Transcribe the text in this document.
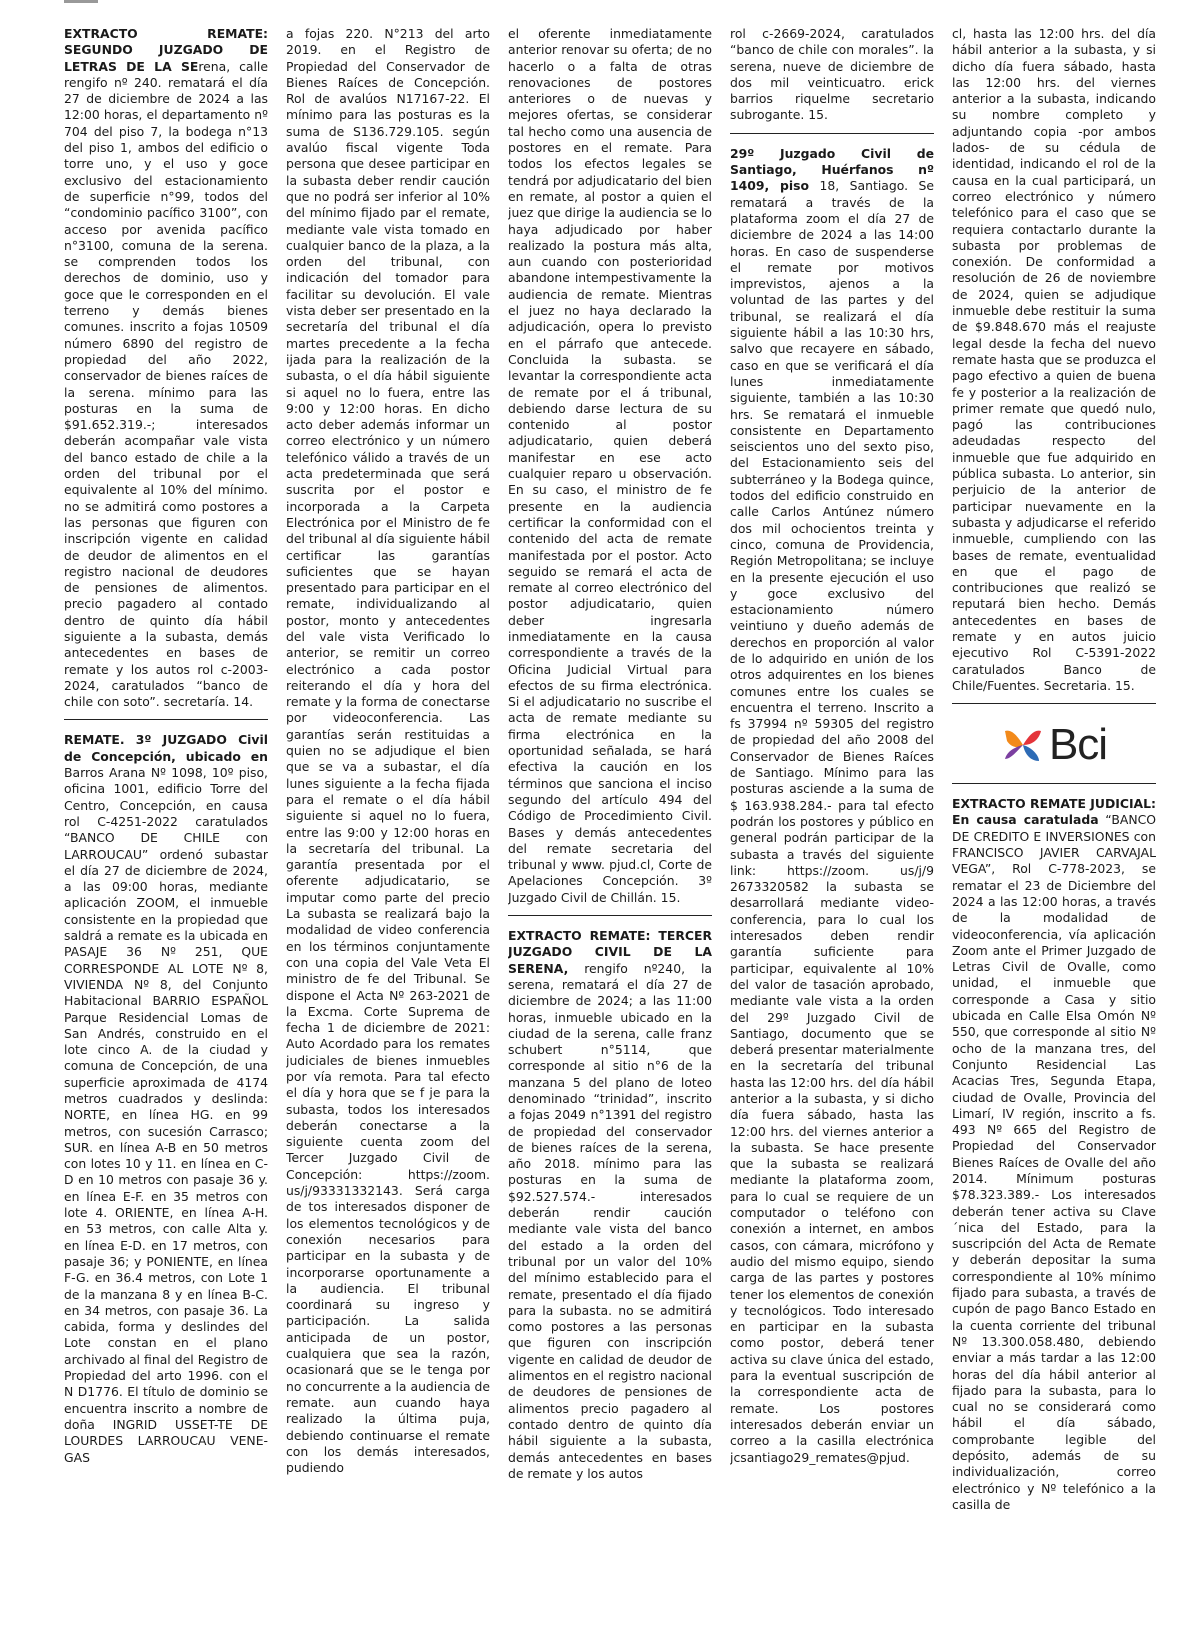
EXTRACTO REMATE: SEGUNDO JUZGADO DE LETRAS DE LA SErena, calle rengifo nº 240. rematará el día 27 de diciembre de 2024 a las 12:00 horas, el departamento nº 704 del piso 7, la bodega n°13 del piso 1, ambos del edificio o torre uno, y el uso y goce exclusivo del estacionamiento de superficie n°99, todos del “condominio pacífico 3100”, con acceso por avenida pacífico n°3100, comuna de la serena. se comprenden todos los derechos de dominio, uso y goce que le corresponden en el terreno y demás bienes comunes. inscrito a fojas 10509 número 6890 del registro de propiedad del año 2022, conservador de bienes raíces de la serena. mínimo para las posturas en la suma de $91.652.319.-; interesados deberán acompañar vale vista del banco estado de chile a la orden del tribunal por el equivalente al 10% del mínimo. no se admitirá como postores a las personas que figuren con inscripción vigente en calidad de deudor de alimentos en el registro nacional de deudores de pensiones de alimentos. precio pagadero al contado dentro de quinto día hábil siguiente a la subasta, demás antecedentes en bases de remate y los autos rol c-2003-2024, caratulados “banco de chile con soto”. secretaría. 14.

REMATE. 3º JUZGADO Civil de Concepción, ubicado en Barros Arana Nº 1098, 10º piso, oficina 1001, edificio Torre del Centro, Concepción, en causa rol C-4251-2022 caratulados “BANCO DE CHILE con LARROUCAU” ordenó subastar el día 27 de diciembre de 2024, a las 09:00 horas, mediante aplicación ZOOM, el inmueble consistente en la propiedad que saldrá a remate es la ubicada en PASAJE 36 Nº 251, QUE CORRESPONDE AL LOTE Nº 8, VIVIENDA Nº 8, del Conjunto Habitacional BARRIO ESPAÑOL Parque Residencial Lomas de San Andrés, construido en el lote cinco A. de la ciudad y comuna de Concepción, de una superficie aproximada de 4174 metros cuadrados y deslinda: NORTE, en línea HG. en 99 metros, con sucesión Carrasco; SUR. en línea A-B en 50 metros con lotes 10 y 11. en línea en C-D en 10 metros con pasaje 36 y. en línea E-F. en 35 metros con lote 4. ORIENTE, en línea A-H. en 53 metros, con calle Alta y. en línea E-D. en 17 metros, con pasaje 36; y PONIENTE, en línea F-G. en 36.4 metros, con Lote 1 de la manzana 8 y en línea B-C. en 34 metros, con pasaje 36. La cabida, forma y deslindes del Lote constan en el plano archivado al final del Registro de Propiedad del arto 1996. con el N D1776. El título de dominio se encuentra inscrito a nombre de doña INGRID USSET-TE DE LOURDES LARROUCAU VENE-GAS

a fojas 220. N°213 del arto 2019. en el Registro de Propiedad del Conservador de Bienes Raíces de Concepción. Rol de avalúos N17167-22. El mínimo para las posturas es la suma de S136.729.105. según avalúo fiscal vigente Toda persona que desee participar en la subasta deber rendir caución que no podrá ser inferior al 10% del mínimo fijado par el remate, mediante vale vista tomado en cualquier banco de la plaza, a la orden del tribunal, con indicación del tomador para facilitar su devolución. El vale vista deber ser presentado en la secretaría del tribunal el día martes precedente a la fecha ijada para la realización de la subasta, o el día hábil siguiente si aquel no lo fuera, entre las 9:00 y 12:00 horas. En dicho acto deber además informar un correo electrónico y un número telefónico válido a través de un acta predeterminada que será suscrita por el postor e incorporada a la Carpeta Electrónica por el Ministro de fe del tribunal al día siguiente hábil certificar las garantías suficientes que se hayan presentado para participar en el remate, individualizando al postor, monto y antecedentes del vale vista Verificado lo anterior, se remitir un correo electrónico a cada postor reiterando el día y hora del remate y la forma de conectarse por videoconferencia. Las garantías serán restituidas a quien no se adjudique el bien que se va a subastar, el día lunes siguiente a la fecha fijada para el remate o el día hábil siguiente si aquel no lo fuera, entre las 9:00 y 12:00 horas en la secretaría del tribunal. La garantía presentada por el oferente adjudicatario, se imputar como parte del precio La subasta se realizará bajo la modalidad de video conferencia en los términos conjuntamente con una copia del Vale Veta El ministro de fe del Tribunal. Se dispone el Acta Nº 263-2021 de la Excma. Corte Suprema de fecha 1 de diciembre de 2021: Auto Acordado para los remates judiciales de bienes inmuebles por vía remota. Para tal efecto el día y hora que se f je para la subasta, todos los interesados deberán conectarse a la siguiente cuenta zoom del Tercer Juzgado Civil de Concepción: https://zoom. us/j/93331332143. Será carga de tos interesados disponer de los elementos tecnológicos y de conexión necesarios para participar en la subasta y de incorporarse oportunamente a la audiencia. El tribunal coordinará su ingreso y participación. La salida anticipada de un postor, cualquiera que sea la razón, ocasionará que se le tenga por no concurrente a la audiencia de remate. aun cuando haya realizado la última puja, debiendo continuarse el remate con los demás interesados, pudiendo

el oferente inmediatamente anterior renovar su oferta; de no hacerlo o a falta de otras renovaciones de postores anteriores o de nuevas y mejores ofertas, se considerar tal hecho como una ausencia de postores en el remate. Para todos los efectos legales se tendrá por adjudicatario del bien en remate, al postor a quien el juez que dirige la audiencia se lo haya adjudicado por haber realizado la postura más alta, aun cuando con posterioridad abandone intempestivamente la audiencia de remate. Mientras el juez no haya declarado la adjudicación, opera lo previsto en el párrafo que antecede. Concluida la subasta. se levantar la correspondiente acta de remate por el á tribunal, debiendo darse lectura de su contenido al postor adjudicatario, quien deberá manifestar en ese acto cualquier reparo u observación. En su caso, el ministro de fe presente en la audiencia certificar la conformidad con el contenido del acta de remate manifestada por el postor. Acto seguido se remará el acta de remate al correo electrónico del postor adjudicatario, quien deber ingresarla inmediatamente en la causa correspondiente a través de la Oficina Judicial Virtual para efectos de su firma electrónica. Si el adjudicatario no suscribe el acta de remate mediante su firma electrónica en la oportunidad señalada, se hará efectiva la caución en los términos que sanciona el inciso segundo del artículo 494 del Código de Procedimiento Civil. Bases y demás antecedentes del remate secretaria del tribunal y www. pjud.cl, Corte de Apelaciones Concepción. 3º Juzgado Civil de Chillán. 15.

EXTRACTO REMATE: TERCER JUZGADO CIVIL DE LA SERENA, rengifo nº240, la serena, rematará el día 27 de diciembre de 2024; a las 11:00 horas, inmueble ubicado en la ciudad de la serena, calle franz schubert n°5114, que corresponde al sitio n°6 de la manzana 5 del plano de loteo denominado “trinidad”, inscrito a fojas 2049 n°1391 del registro de propiedad del conservador de bienes raíces de la serena, año 2018. mínimo para las posturas en la suma de $92.527.574.- interesados deberán rendir caución mediante vale vista del banco del estado a la orden del tribunal por un valor del 10% del mínimo establecido para el remate, presentado el día fijado para la subasta. no se admitirá como postores a las personas que figuren con inscripción vigente en calidad de deudor de alimentos en el registro nacional de deudores de pensiones de alimentos precio pagadero al contado dentro de quinto día hábil siguiente a la subasta, demás antecedentes en bases de remate y los autos

rol c-2669-2024, caratulados “banco de chile con morales”. la serena, nueve de diciembre de dos mil veinticuatro. erick barrios riquelme secretario subrogante. 15.

29º Juzgado Civil de Santiago, Huérfanos nº 1409, piso 18, Santiago. Se rematará a través de la plataforma zoom el día 27 de diciembre de 2024 a las 14:00 horas. En caso de suspenderse el remate por motivos imprevistos, ajenos a la voluntad de las partes y del tribunal, se realizará el día siguiente hábil a las 10:30 hrs, salvo que recayere en sábado, caso en que se verificará el día lunes inmediatamente siguiente, también a las 10:30 hrs. Se rematará el inmueble consistente en Departamento seiscientos uno del sexto piso, del Estacionamiento seis del subterráneo y la Bodega quince, todos del edificio construido en calle Carlos Antúnez número dos mil ochocientos treinta y cinco, comuna de Providencia, Región Metropolitana; se incluye en la presente ejecución el uso y goce exclusivo del estacionamiento número veintiuno y dueño además de derechos en proporción al valor de lo adquirido en unión de los otros adquirentes en los bienes comunes entre los cuales se encuentra el terreno. Inscrito a fs 37994 nº 59305 del registro de propiedad del año 2008 del Conservador de Bienes Raíces de Santiago. Mínimo para las posturas asciende a la suma de $ 163.938.284.- para tal efecto podrán los postores y público en general podrán participar de la subasta a través del siguiente link: https://zoom. us/j/9 2673320582 la subasta se desarrollará mediante video-conferencia, para lo cual los interesados deben rendir garantía suficiente para participar, equivalente al 10% del valor de tasación aprobado, mediante vale vista a la orden del 29º Juzgado Civil de Santiago, documento que se deberá presentar materialmente en la secretaría del tribunal hasta las 12:00 hrs. del día hábil anterior a la subasta, y si dicho día fuera sábado, hasta las 12:00 hrs. del viernes anterior a la subasta. Se hace presente que la subasta se realizará mediante la plataforma zoom, para lo cual se requiere de un computador o teléfono con conexión a internet, en ambos casos, con cámara, micrófono y audio del mismo equipo, siendo carga de las partes y postores tener los elementos de conexión y tecnológicos. Todo interesado en participar en la subasta como postor, deberá tener activa su clave única del estado, para la eventual suscripción de la correspondiente acta de remate. Los postores interesados deberán enviar un correo a la casilla electrónica jcsantiago29_remates@pjud.

cl, hasta las 12:00 hrs. del día hábil anterior a la subasta, y si dicho día fuera sábado, hasta las 12:00 hrs. del viernes anterior a la subasta, indicando su nombre completo y adjuntando copia -por ambos lados- de su cédula de identidad, indicando el rol de la causa en la cual participará, un correo electrónico y número telefónico para el caso que se requiera contactarlo durante la subasta por problemas de conexión. De conformidad a resolución de 26 de noviembre de 2024, quien se adjudique inmueble debe restituir la suma de $9.848.670 más el reajuste legal desde la fecha del nuevo remate hasta que se produzca el pago efectivo a quien de buena fe y posterior a la realización de primer remate que quedó nulo, pagó las contribuciones adeudadas respecto del inmueble que fue adquirido en pública subasta. Lo anterior, sin perjuicio de la anterior de participar nuevamente en la subasta y adjudicarse el referido inmueble, cumpliendo con las bases de remate, eventualidad en que el pago de contribuciones que realizó se reputará bien hecho. Demás antecedentes en bases de remate y en autos juicio ejecutivo Rol C-5391-2022 caratulados Banco de Chile/Fuentes. Secretaria. 15.

Bci

EXTRACTO REMATE JUDICIAL: En causa caratulada “BANCO DE CREDITO E INVERSIONES con FRANCISCO JAVIER CARVAJAL VEGA”, Rol C-778-2023, se rematar el 23 de Diciembre del 2024 a las 12:00 horas, a través de la modalidad de videoconferencia, vía aplicación Zoom ante el Primer Juzgado de Letras Civil de Ovalle, como unidad, el inmueble que corresponde a Casa y sitio ubicada en Calle Elsa Omón Nº 550, que corresponde al sitio Nº ocho de la manzana tres, del Conjunto Residencial Las Acacias Tres, Segunda Etapa, ciudad de Ovalle, Provincia del Limarí, IV región, inscrito a fs. 493 Nº 665 del Registro de Propiedad del Conservador Bienes Raíces de Ovalle del año 2014. Mínimum posturas $78.323.389.- Los interesados deberán tener activa su Clave ´nica del Estado, para la suscripción del Acta de Remate y deberán depositar la suma correspondiente al 10% mínimo fijado para subasta, a través de cupón de pago Banco Estado en la cuenta corriente del tribunal Nº 13.300.058.480, debiendo enviar a más tardar a las 12:00 horas del día hábil anterior al fijado para la subasta, para lo cual no se considerará como hábil el día sábado, comprobante legible del depósito, además de su individualización, correo electrónico y Nº telefónico a la casilla de
